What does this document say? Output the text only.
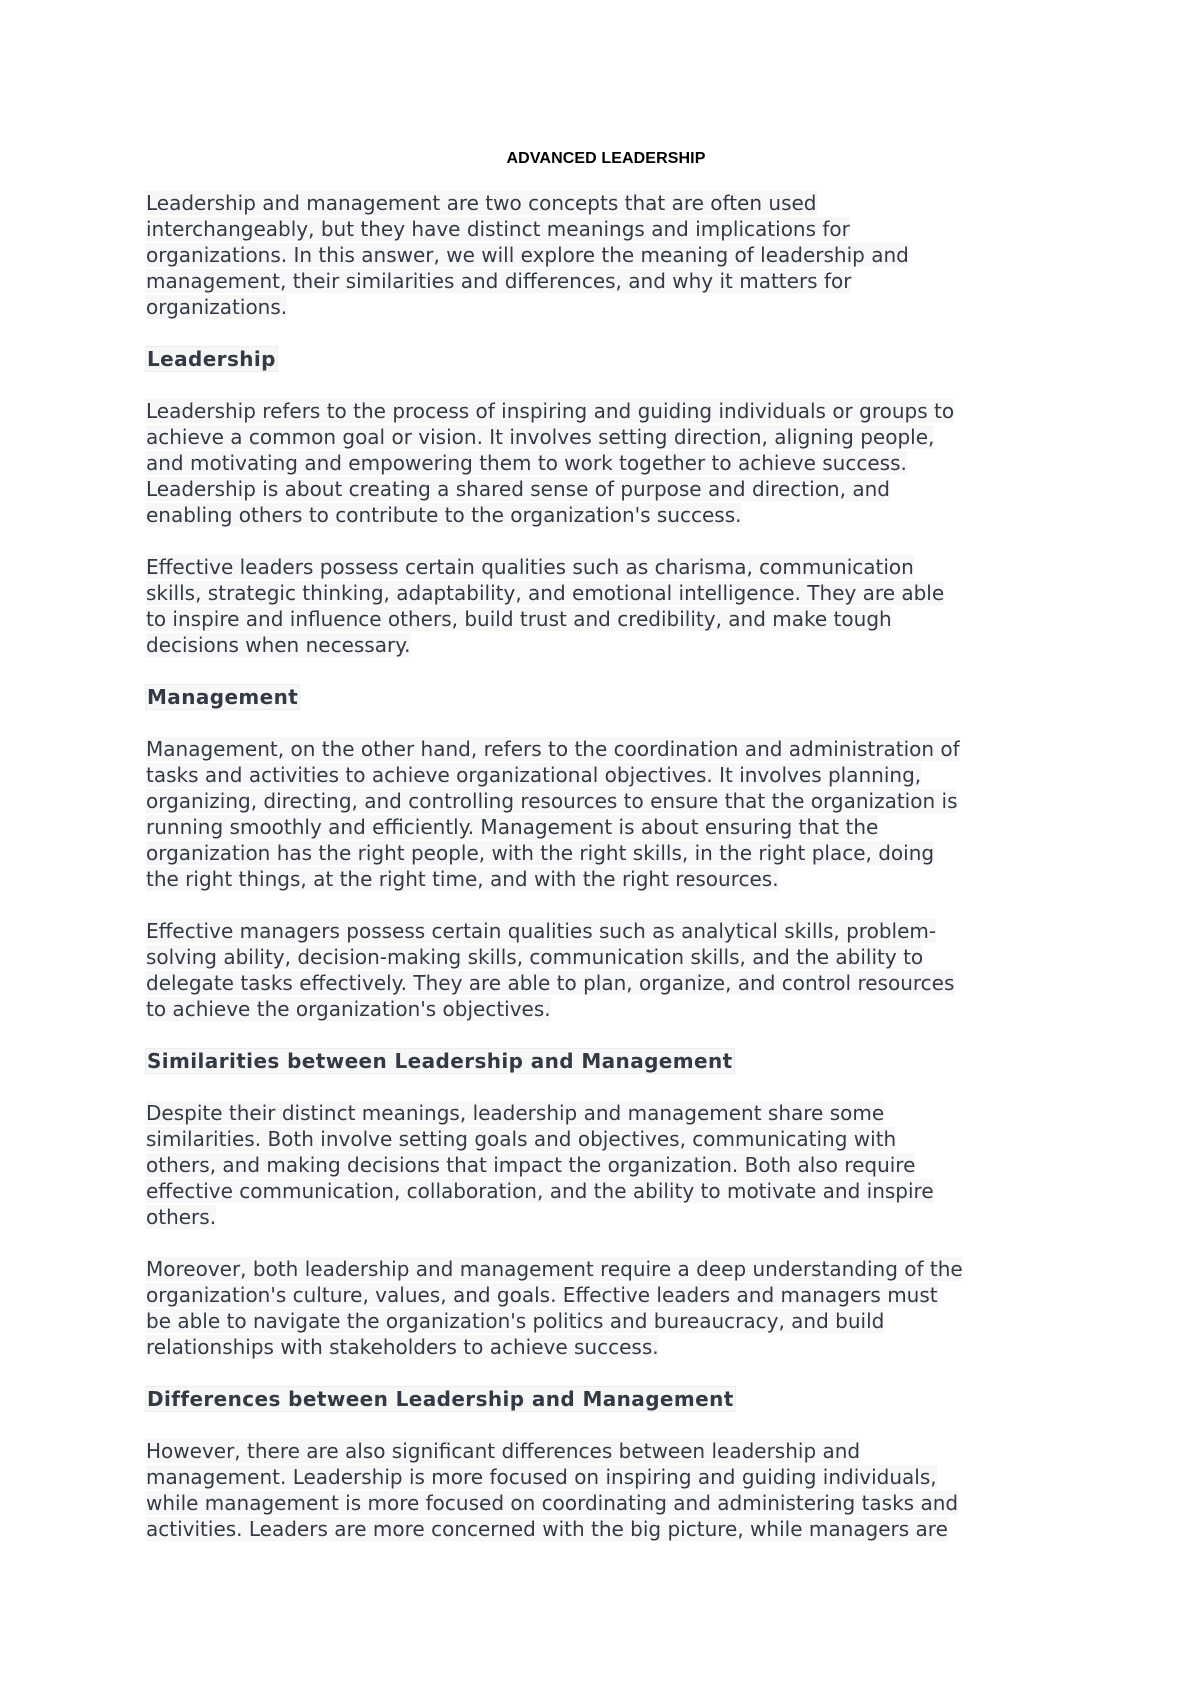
ADVANCED LEADERSHIP
Leadership and management are two concepts that are often used
interchangeably, but they have distinct meanings and implications for
organizations. In this answer, we will explore the meaning of leadership and
management, their similarities and differences, and why it matters for
organizations.
Leadership
Leadership refers to the process of inspiring and guiding individuals or groups to
achieve a common goal or vision. It involves setting direction, aligning people,
and motivating and empowering them to work together to achieve success.
Leadership is about creating a shared sense of purpose and direction, and
enabling others to contribute to the organization's success.
Effective leaders possess certain qualities such as charisma, communication
skills, strategic thinking, adaptability, and emotional intelligence. They are able
to inspire and influence others, build trust and credibility, and make tough
decisions when necessary.
Management
Management, on the other hand, refers to the coordination and administration of
tasks and activities to achieve organizational objectives. It involves planning,
organizing, directing, and controlling resources to ensure that the organization is
running smoothly and efficiently. Management is about ensuring that the
organization has the right people, with the right skills, in the right place, doing
the right things, at the right time, and with the right resources.
Effective managers possess certain qualities such as analytical skills, problem-
solving ability, decision-making skills, communication skills, and the ability to
delegate tasks effectively. They are able to plan, organize, and control resources
to achieve the organization's objectives.
Similarities between Leadership and Management
Despite their distinct meanings, leadership and management share some
similarities. Both involve setting goals and objectives, communicating with
others, and making decisions that impact the organization. Both also require
effective communication, collaboration, and the ability to motivate and inspire
others.
Moreover, both leadership and management require a deep understanding of the
organization's culture, values, and goals. Effective leaders and managers must
be able to navigate the organization's politics and bureaucracy, and build
relationships with stakeholders to achieve success.
Differences between Leadership and Management
However, there are also significant differences between leadership and
management. Leadership is more focused on inspiring and guiding individuals,
while management is more focused on coordinating and administering tasks and
activities. Leaders are more concerned with the big picture, while managers are
